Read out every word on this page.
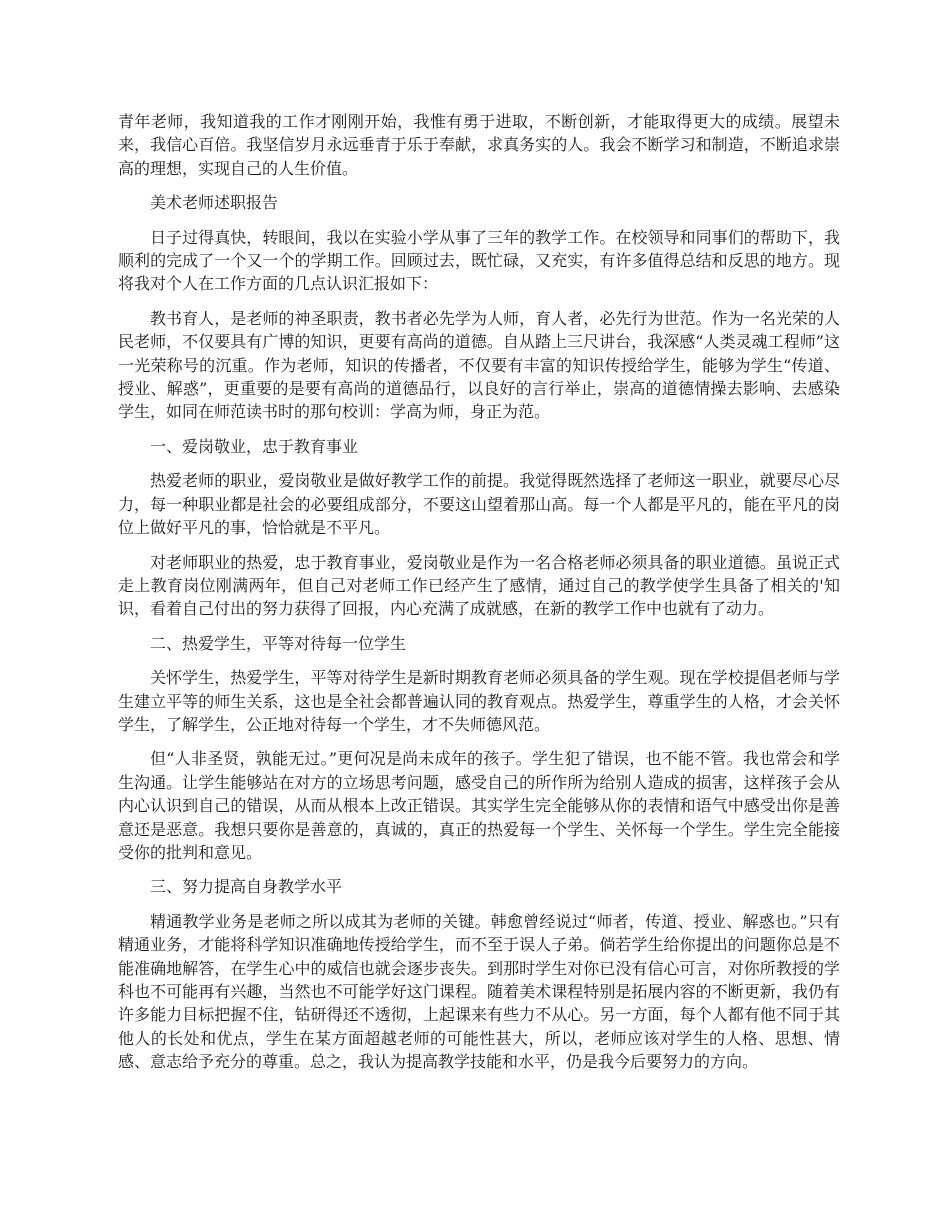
青年老师，我知道我的工作才刚刚开始，我惟有勇于进取，不断创新，才能取得更大的成绩。展望未来，我信心百倍。我坚信岁月永远垂青于乐于奉献，求真务实的人。我会不断学习和制造，不断追求崇高的理想，实现自己的人生价值。

美术老师述职报告

日子过得真快，转眼间，我以在实验小学从事了三年的教学工作。在校领导和同事们的帮助下，我顺利的完成了一个又一个的学期工作。回顾过去，既忙碌，又充实，有许多值得总结和反思的地方。现将我对个人在工作方面的几点认识汇报如下：

教书育人，是老师的神圣职责，教书者必先学为人师，育人者，必先行为世范。作为一名光荣的人民老师，不仅要具有广博的知识，更要有高尚的道德。自从踏上三尺讲台，我深感“人类灵魂工程师”这一光荣称号的沉重。作为老师，知识的传播者，不仅要有丰富的知识传授给学生，能够为学生“传道、授业、解惑”，更重要的是要有高尚的道德品行，以良好的言行举止，崇高的道德情操去影响、去感染学生，如同在师范读书时的那句校训：学高为师，身正为范。

一、爱岗敬业，忠于教育事业

热爱老师的职业，爱岗敬业是做好教学工作的前提。我觉得既然选择了老师这一职业，就要尽心尽力，每一种职业都是社会的必要组成部分，不要这山望着那山高。每一个人都是平凡的，能在平凡的岗位上做好平凡的事，恰恰就是不平凡。

对老师职业的热爱，忠于教育事业，爱岗敬业是作为一名合格老师必须具备的职业道德。虽说正式走上教育岗位刚满两年，但自己对老师工作已经产生了感情，通过自己的教学使学生具备了相关的'知识，看着自己付出的努力获得了回报，内心充满了成就感，在新的教学工作中也就有了动力。

二、热爱学生，平等对待每一位学生

关怀学生，热爱学生，平等对待学生是新时期教育老师必须具备的学生观。现在学校提倡老师与学生建立平等的师生关系，这也是全社会都普遍认同的教育观点。热爱学生，尊重学生的人格，才会关怀学生，了解学生，公正地对待每一个学生，才不失师德风范。

但“人非圣贤，孰能无过。”更何况是尚未成年的孩子。学生犯了错误，也不能不管。我也常会和学生沟通。让学生能够站在对方的立场思考问题，感受自己的所作所为给别人造成的损害，这样孩子会从内心认识到自己的错误，从而从根本上改正错误。其实学生完全能够从你的表情和语气中感受出你是善意还是恶意。我想只要你是善意的，真诚的，真正的热爱每一个学生、关怀每一个学生。学生完全能接受你的批判和意见。

三、努力提高自身教学水平

精通教学业务是老师之所以成其为老师的关键。韩愈曾经说过“师者，传道、授业、解惑也。”只有精通业务，才能将科学知识准确地传授给学生，而不至于误人子弟。倘若学生给你提出的问题你总是不能准确地解答，在学生心中的威信也就会逐步丧失。到那时学生对你已没有信心可言，对你所教授的学科也不可能再有兴趣，当然也不可能学好这门课程。随着美术课程特别是拓展内容的不断更新，我仍有许多能力目标把握不住，钻研得还不透彻，上起课来有些力不从心。另一方面，每个人都有他不同于其他人的长处和优点，学生在某方面超越老师的可能性甚大，所以，老师应该对学生的人格、思想、情感、意志给予充分的尊重。总之，我认为提高教学技能和水平，仍是我今后要努力的方向。
